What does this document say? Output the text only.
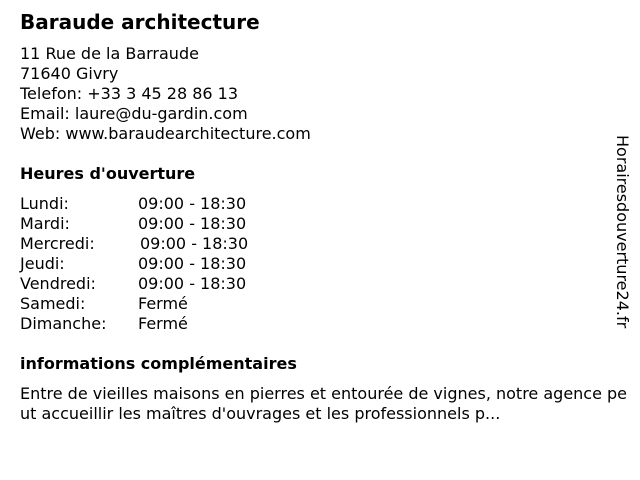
Baraude architecture
11 Rue de la Barraude
71640 Givry
Telefon: +33 3 45 28 86 13
Email: laure@du-gardin.com
Web: www.baraudearchitecture.com
Heures d'ouverture
Lundi:	09:00 - 18:30
Mardi:	09:00 - 18:30
Mercredi:	09:00 - 18:30
Jeudi:	09:00 - 18:30
Vendredi:	09:00 - 18:30
Samedi:	Fermé
Dimanche: Fermé
informations complémentaires

Entre de vieilles maisons en pierres et entourée de vignes, notre agence peut accueillir les maîtres d'ouvrages et les professionnels p...

Horairesdouverture24.fr
